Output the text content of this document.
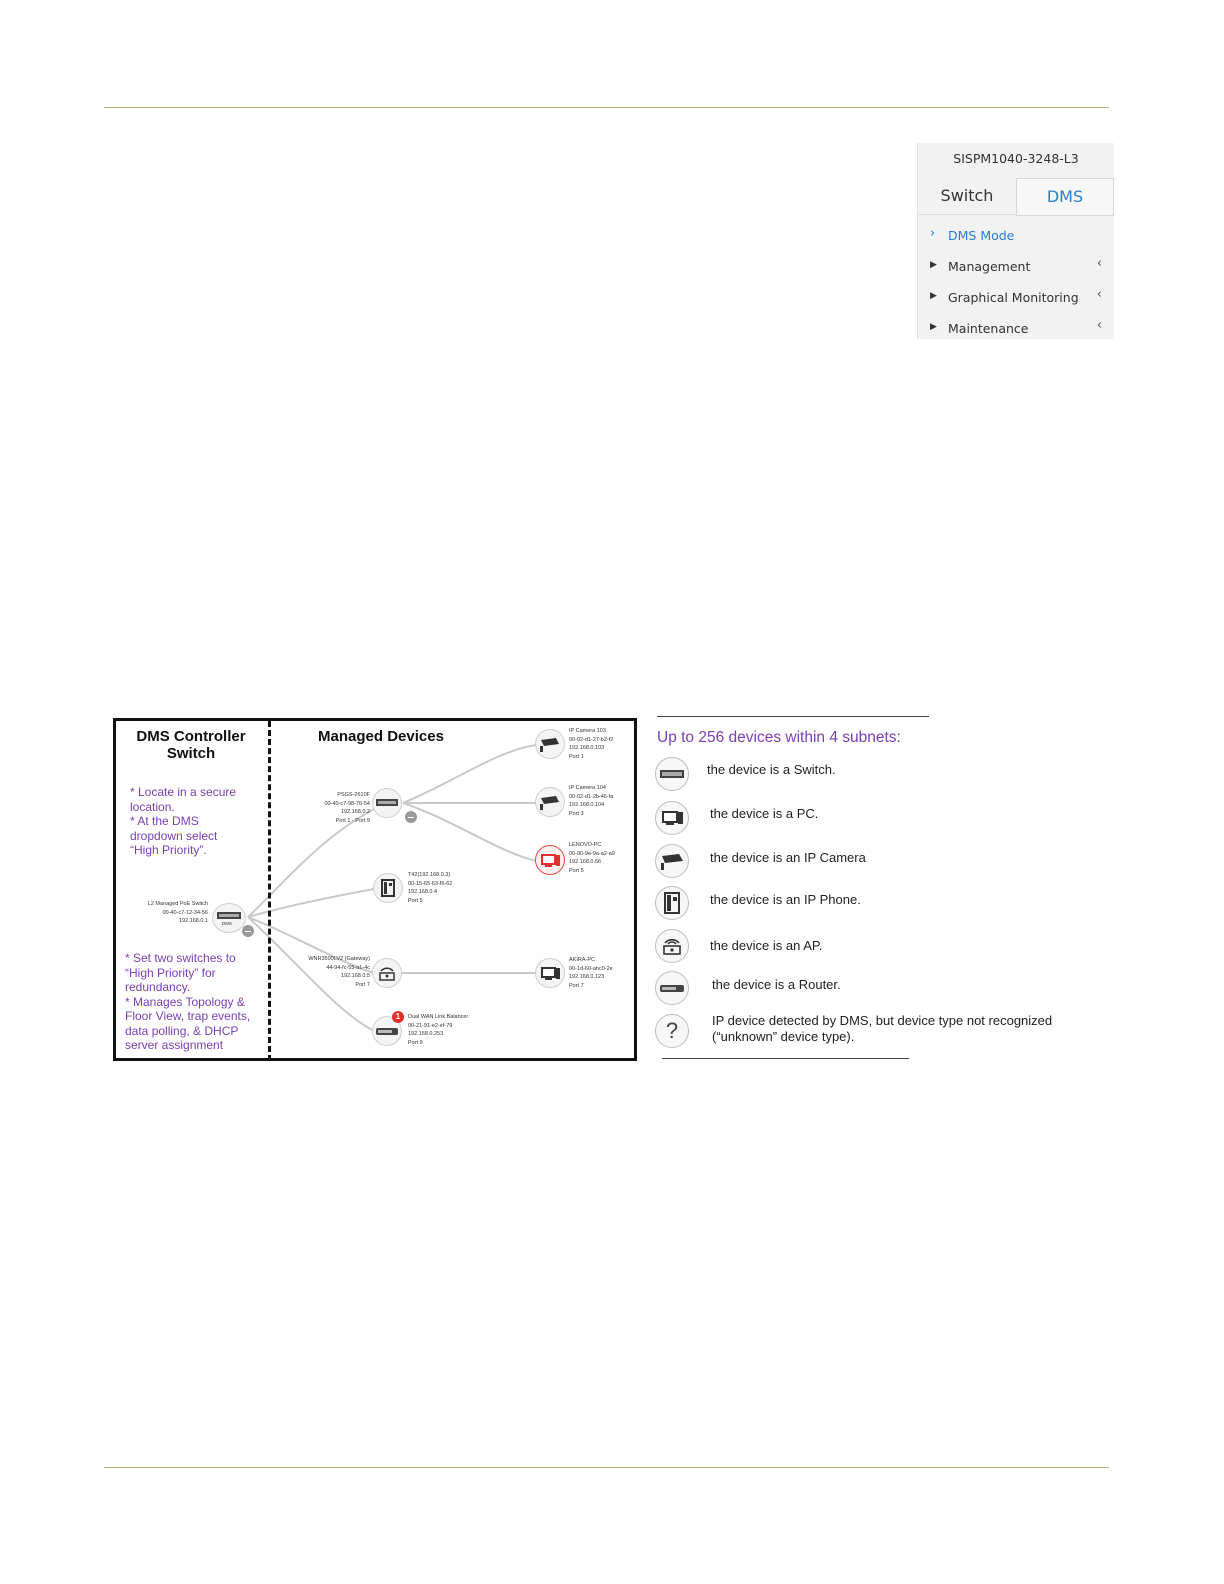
SISPM1040-3248-L3
Switch	DMS
› DMS Mode
▶ Management	‹
▶ Graphical Monitoring ‹
▶ Maintenance	‹
DMS Controller
Switch
Managed Devices
* Locate in a secure
location.
* At the DMS
dropdown select
“High Priority”.
* Set two switches to
“High Priority” for
redundancy.
* Manages Topology &
Floor View, trap events,
data polling, & DHCP
server assignment
L2 Managed PoE Switch
00-40-c7-12-34-56
192.168.0.1	DMS
PSGS-2610F
00-40-c7-98-76-54
192.168.0.2
Port 1 - Port 9
T42(192.168.0.3)
00-15-65-63-f6-62
192.168.0.4
Port 5
WNR3500LV2 (Gateway)
44-94-fc-55-a1-4c
192.168.0.5
Port 7
1	Dual WAN Link Balancer
00-21-91-e2-ef-79
192.168.0.253
Port 9
IP Camera 103
00-02-d1-27-b2-f2
192.168.0.103
Port 1
IP Camera 104
00-02-d1-2b-46-fa
192.168.0.104
Port 3
LENOVO-PC
00-90-9e-9a-a2-a9
192.168.0.66
Port 5
AKIRA-PC
00-1d-60-ahc0-2e
192.168.0.123
Port 7
Up to 256 devices within 4 subnets:
the device is a Switch.
the device is a PC.
the device is an IP Camera
the device is an IP Phone.
the device is an AP.
the device is a Router.
?	IP device detected by DMS, but device type not recognized
(“unknown” device type).
